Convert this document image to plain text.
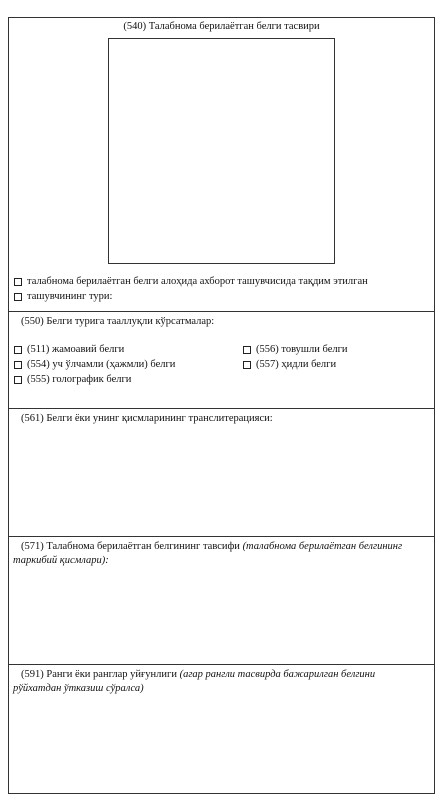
(540) Талабнома берилаётган белги тасвири
талабнома берилаётган белги алоҳида ахборот ташувчисида тақдим этилган
ташувчининг тури:
(550) Белги турига тааллуқли кўрсатмалар:
(511) жамоавий белги
(554) уч ўлчамли (ҳажмли) белги
(555) голографик белги
(556) товушли белги
(557) ҳидли белги
(561) Белги ёки унинг қисмларининг транслитерацияси:
(571) Талабнома берилаётган белгининг тавсифи (талабнома берилаётган белгининг таркибий қисмлари):
(591) Ранги ёки ранглар уйғунлиги (агар рангли тасвирда бажарилган белгини рўйхатдан ўтказиш сўралса)
